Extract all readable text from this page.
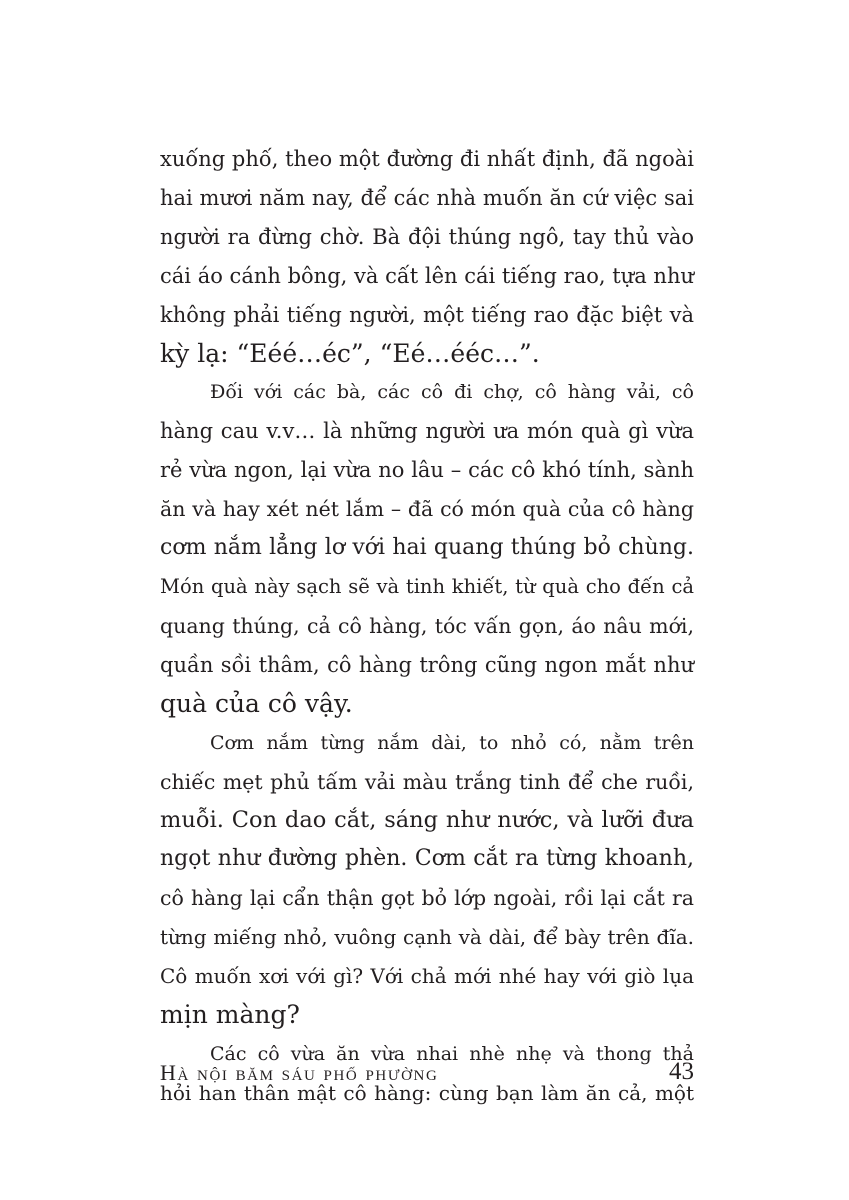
xuống phố, theo một đường đi nhất định, đã ngoài
hai mươi năm nay, để các nhà muốn ăn cứ việc sai
người ra đừng chờ. Bà đội thúng ngô, tay thủ vào
cái áo cánh bông, và cất lên cái tiếng rao, tựa như
không phải tiếng người, một tiếng rao đặc biệt và
kỳ lạ: “Eéé…éc”, “Eé…ééc…”.
Đối với các bà, các cô đi chợ, cô hàng vải, cô
hàng cau v.v… là những người ưa món quà gì vừa
rẻ vừa ngon, lại vừa no lâu – các cô khó tính, sành
ăn và hay xét nét lắm – đã có món quà của cô hàng
cơm nắm lẳng lơ với hai quang thúng bỏ chùng.
Món quà này sạch sẽ và tinh khiết, từ quà cho đến cả
quang thúng, cả cô hàng, tóc vấn gọn, áo nâu mới,
quần sồi thâm, cô hàng trông cũng ngon mắt như
quà của cô vậy.
Cơm nắm từng nắm dài, to nhỏ có, nằm trên
chiếc mẹt phủ tấm vải màu trắng tinh để che ruồi,
muỗi. Con dao cắt, sáng như nước, và lưỡi đưa
ngọt như đường phèn. Cơm cắt ra từng khoanh,
cô hàng lại cẩn thận gọt bỏ lớp ngoài, rồi lại cắt ra
từng miếng nhỏ, vuông cạnh và dài, để bày trên đĩa.
Cô muốn xơi với gì? Với chả mới nhé hay với giò lụa
mịn màng?
Các cô vừa ăn vừa nhai nhè nhẹ và thong thả
hỏi han thân mật cô hàng: cùng bạn làm ăn cả, một
Hà nội băm sáu phố phường	43
